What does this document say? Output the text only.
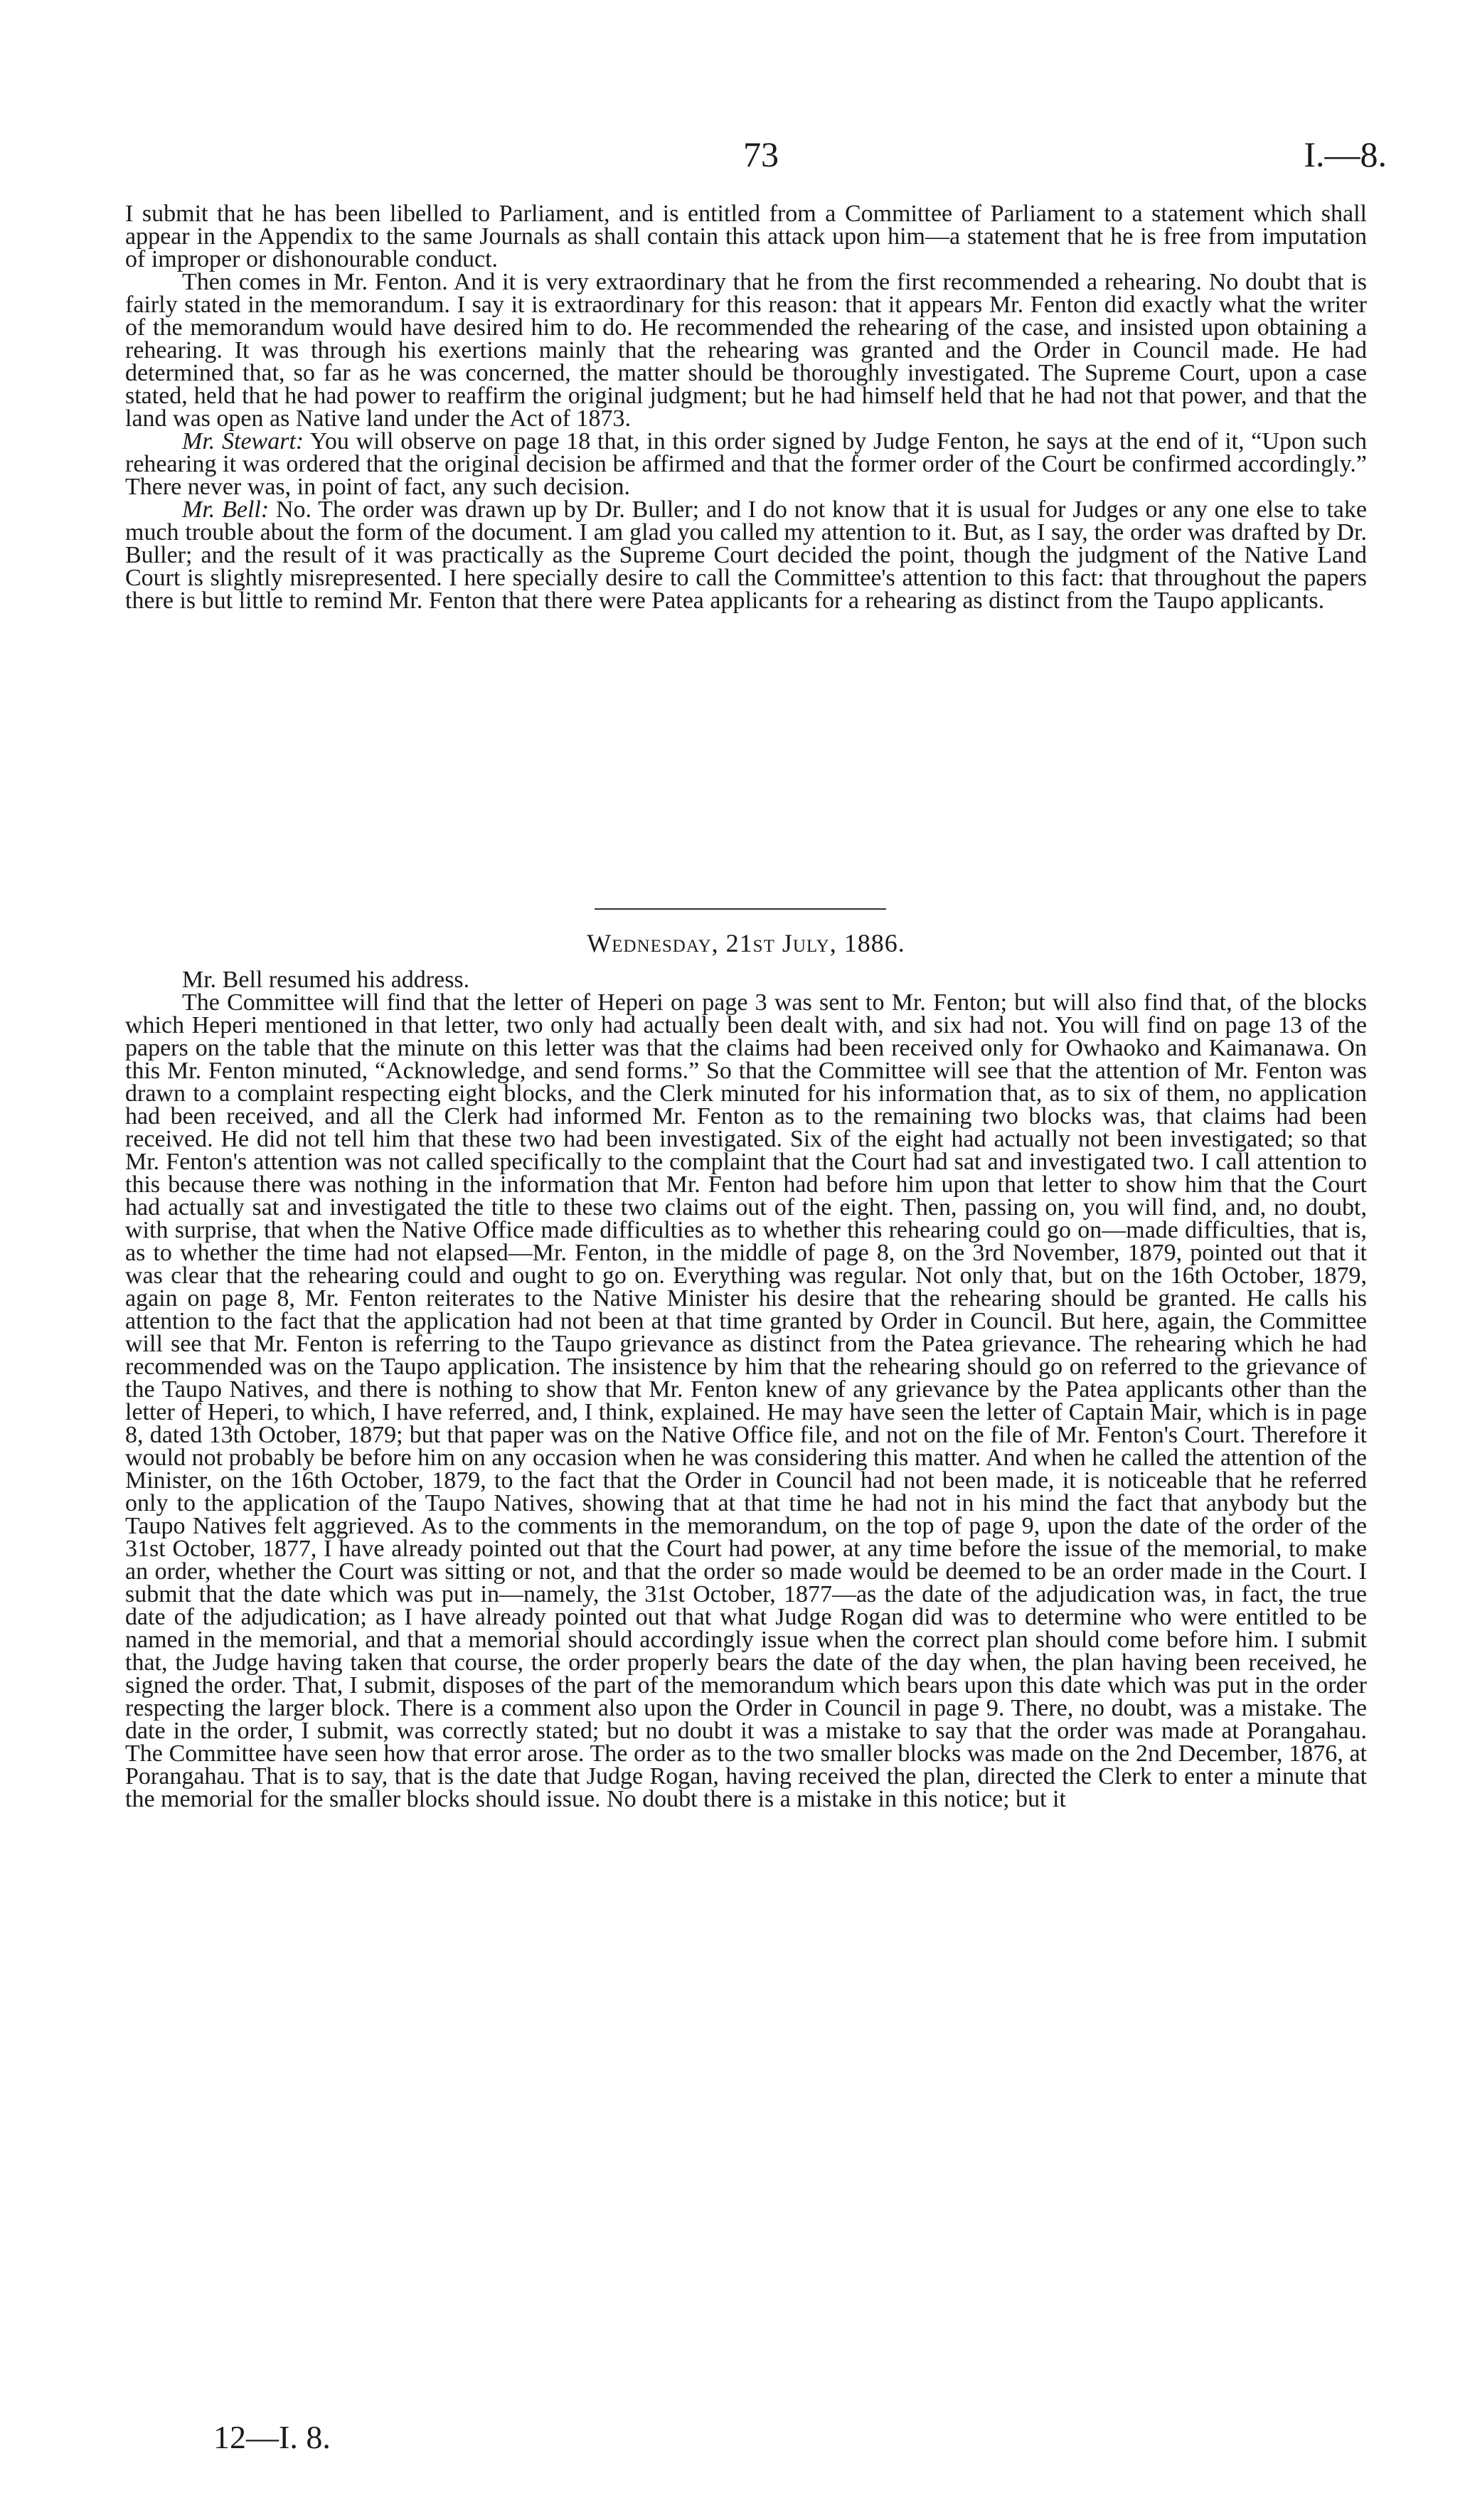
73	I.—8.

I submit that he has been libelled to Parliament, and is entitled from a Committee of Parliament to a statement which shall appear in the Appendix to the same Journals as shall contain this attack upon him—a statement that he is free from imputation of improper or dishonourable conduct.

Then comes in Mr. Fenton. And it is very extraordinary that he from the first recommended a rehearing. No doubt that is fairly stated in the memorandum. I say it is extraordinary for this reason: that it appears Mr. Fenton did exactly what the writer of the memorandum would have desired him to do. He recommended the rehearing of the case, and insisted upon obtaining a rehearing. It was through his exertions mainly that the rehearing was granted and the Order in Council made. He had determined that, so far as he was concerned, the matter should be thoroughly investigated. The Supreme Court, upon a case stated, held that he had power to reaffirm the original judgment; but he had himself held that he had not that power, and that the land was open as Native land under the Act of 1873.

Mr. Stewart: You will observe on page 18 that, in this order signed by Judge Fenton, he says at the end of it, “Upon such rehearing it was ordered that the original decision be affirmed and that the former order of the Court be confirmed accordingly.” There never was, in point of fact, any such decision.

Mr. Bell: No. The order was drawn up by Dr. Buller; and I do not know that it is usual for Judges or any one else to take much trouble about the form of the document. I am glad you called my attention to it. But, as I say, the order was drafted by Dr. Buller; and the result of it was practically as the Supreme Court decided the point, though the judgment of the Native Land Court is slightly misrepresented. I here specially desire to call the Committee's attention to this fact: that throughout the papers there is but little to remind Mr. Fenton that there were Patea applicants for a rehearing as distinct from the Taupo applicants.

Wednesday, 21st July, 1886.

Mr. Bell resumed his address.

The Committee will find that the letter of Heperi on page 3 was sent to Mr. Fenton; but will also find that, of the blocks which Heperi mentioned in that letter, two only had actually been dealt with, and six had not. You will find on page 13 of the papers on the table that the minute on this letter was that the claims had been received only for Owhaoko and Kaimanawa. On this Mr. Fenton minuted, “Acknowledge, and send forms.” So that the Committee will see that the attention of Mr. Fenton was drawn to a complaint respecting eight blocks, and the Clerk minuted for his information that, as to six of them, no application had been received, and all the Clerk had informed Mr. Fenton as to the remaining two blocks was, that claims had been received. He did not tell him that these two had been investigated. Six of the eight had actually not been investigated; so that Mr. Fenton's attention was not called specifically to the complaint that the Court had sat and investigated two. I call attention to this because there was nothing in the information that Mr. Fenton had before him upon that letter to show him that the Court had actually sat and investigated the title to these two claims out of the eight. Then, passing on, you will find, and, no doubt, with surprise, that when the Native Office made difficulties as to whether this rehearing could go on—made difficulties, that is, as to whether the time had not elapsed—Mr. Fenton, in the middle of page 8, on the 3rd November, 1879, pointed out that it was clear that the rehearing could and ought to go on. Everything was regular. Not only that, but on the 16th October, 1879, again on page 8, Mr. Fenton reiterates to the Native Minister his desire that the rehearing should be granted. He calls his attention to the fact that the application had not been at that time granted by Order in Council. But here, again, the Committee will see that Mr. Fenton is referring to the Taupo grievance as distinct from the Patea grievance. The rehearing which he had recommended was on the Taupo application. The insistence by him that the rehearing should go on referred to the grievance of the Taupo Natives, and there is nothing to show that Mr. Fenton knew of any grievance by the Patea applicants other than the letter of Heperi, to which, I have referred, and, I think, explained. He may have seen the letter of Captain Mair, which is in page 8, dated 13th October, 1879; but that paper was on the Native Office file, and not on the file of Mr. Fenton's Court. Therefore it would not probably be before him on any occasion when he was considering this matter. And when he called the attention of the Minister, on the 16th October, 1879, to the fact that the Order in Council had not been made, it is noticeable that he referred only to the application of the Taupo Natives, showing that at that time he had not in his mind the fact that anybody but the Taupo Natives felt aggrieved. As to the comments in the memorandum, on the top of page 9, upon the date of the order of the 31st October, 1877, I have already pointed out that the Court had power, at any time before the issue of the memorial, to make an order, whether the Court was sitting or not, and that the order so made would be deemed to be an order made in the Court. I submit that the date which was put in—namely, the 31st October, 1877—as the date of the adjudication was, in fact, the true date of the adjudication; as I have already pointed out that what Judge Rogan did was to determine who were entitled to be named in the memorial, and that a memorial should accordingly issue when the correct plan should come before him. I submit that, the Judge having taken that course, the order properly bears the date of the day when, the plan having been received, he signed the order. That, I submit, disposes of the part of the memorandum which bears upon this date which was put in the order respecting the larger block. There is a comment also upon the Order in Council in page 9. There, no doubt, was a mistake. The date in the order, I submit, was correctly stated; but no doubt it was a mistake to say that the order was made at Porangahau. The Committee have seen how that error arose. The order as to the two smaller blocks was made on the 2nd December, 1876, at Porangahau. That is to say, that is the date that Judge Rogan, having received the plan, directed the Clerk to enter a minute that the memorial for the smaller blocks should issue. No doubt there is a mistake in this notice; but it

12—I. 8.
